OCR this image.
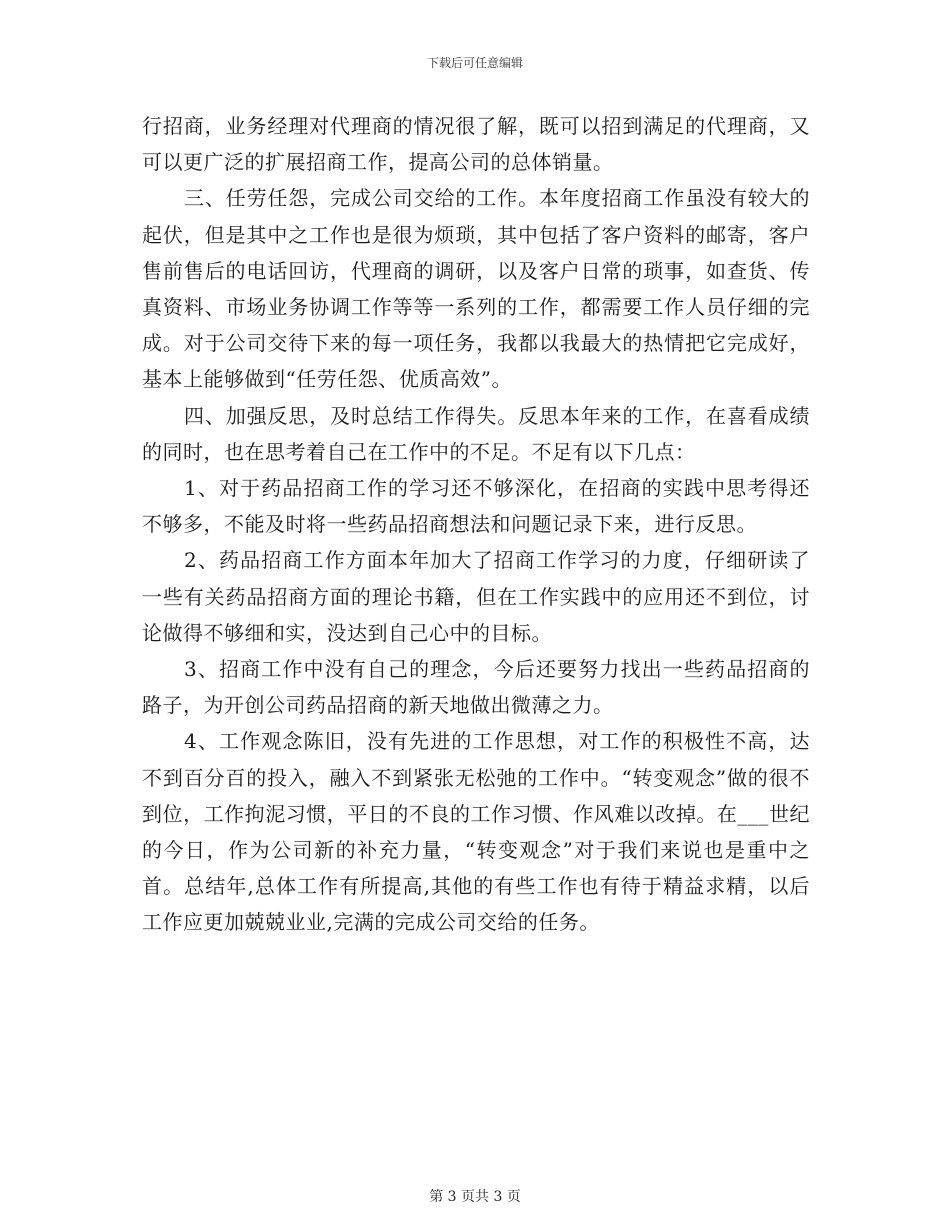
下载后可任意编辑

行招商，业务经理对代理商的情况很了解，既可以招到满足的代理商，又可以更广泛的扩展招商工作，提高公司的总体销量。

三、任劳任怨，完成公司交给的工作。本年度招商工作虽没有较大的起伏，但是其中之工作也是很为烦琐，其中包括了客户资料的邮寄，客户售前售后的电话回访，代理商的调研，以及客户日常的琐事，如查货、传真资料、市场业务协调工作等等一系列的工作，都需要工作人员仔细的完成。对于公司交待下来的每一项任务，我都以我最大的热情把它完成好，基本上能够做到“任劳任怨、优质高效”。

四、加强反思，及时总结工作得失。反思本年来的工作，在喜看成绩的同时，也在思考着自己在工作中的不足。不足有以下几点：

1、对于药品招商工作的学习还不够深化，在招商的实践中思考得还不够多，不能及时将一些药品招商想法和问题记录下来，进行反思。

2、药品招商工作方面本年加大了招商工作学习的力度，仔细研读了一些有关药品招商方面的理论书籍，但在工作实践中的应用还不到位，讨论做得不够细和实，没达到自己心中的目标。

3、招商工作中没有自己的理念，今后还要努力找出一些药品招商的路子，为开创公司药品招商的新天地做出微薄之力。

4、工作观念陈旧，没有先进的工作思想，对工作的积极性不高，达不到百分百的投入，融入不到紧张无松弛的工作中。“转变观念”做的很不到位，工作拘泥习惯，平日的不良的工作习惯、作风难以改掉。在___世纪的今日，作为公司新的补充力量，“转变观念”对于我们来说也是重中之首。总结年,总体工作有所提高,其他的有些工作也有待于精益求精，以后工作应更加兢兢业业,完满的完成公司交给的任务。

第 3 页共 3 页
